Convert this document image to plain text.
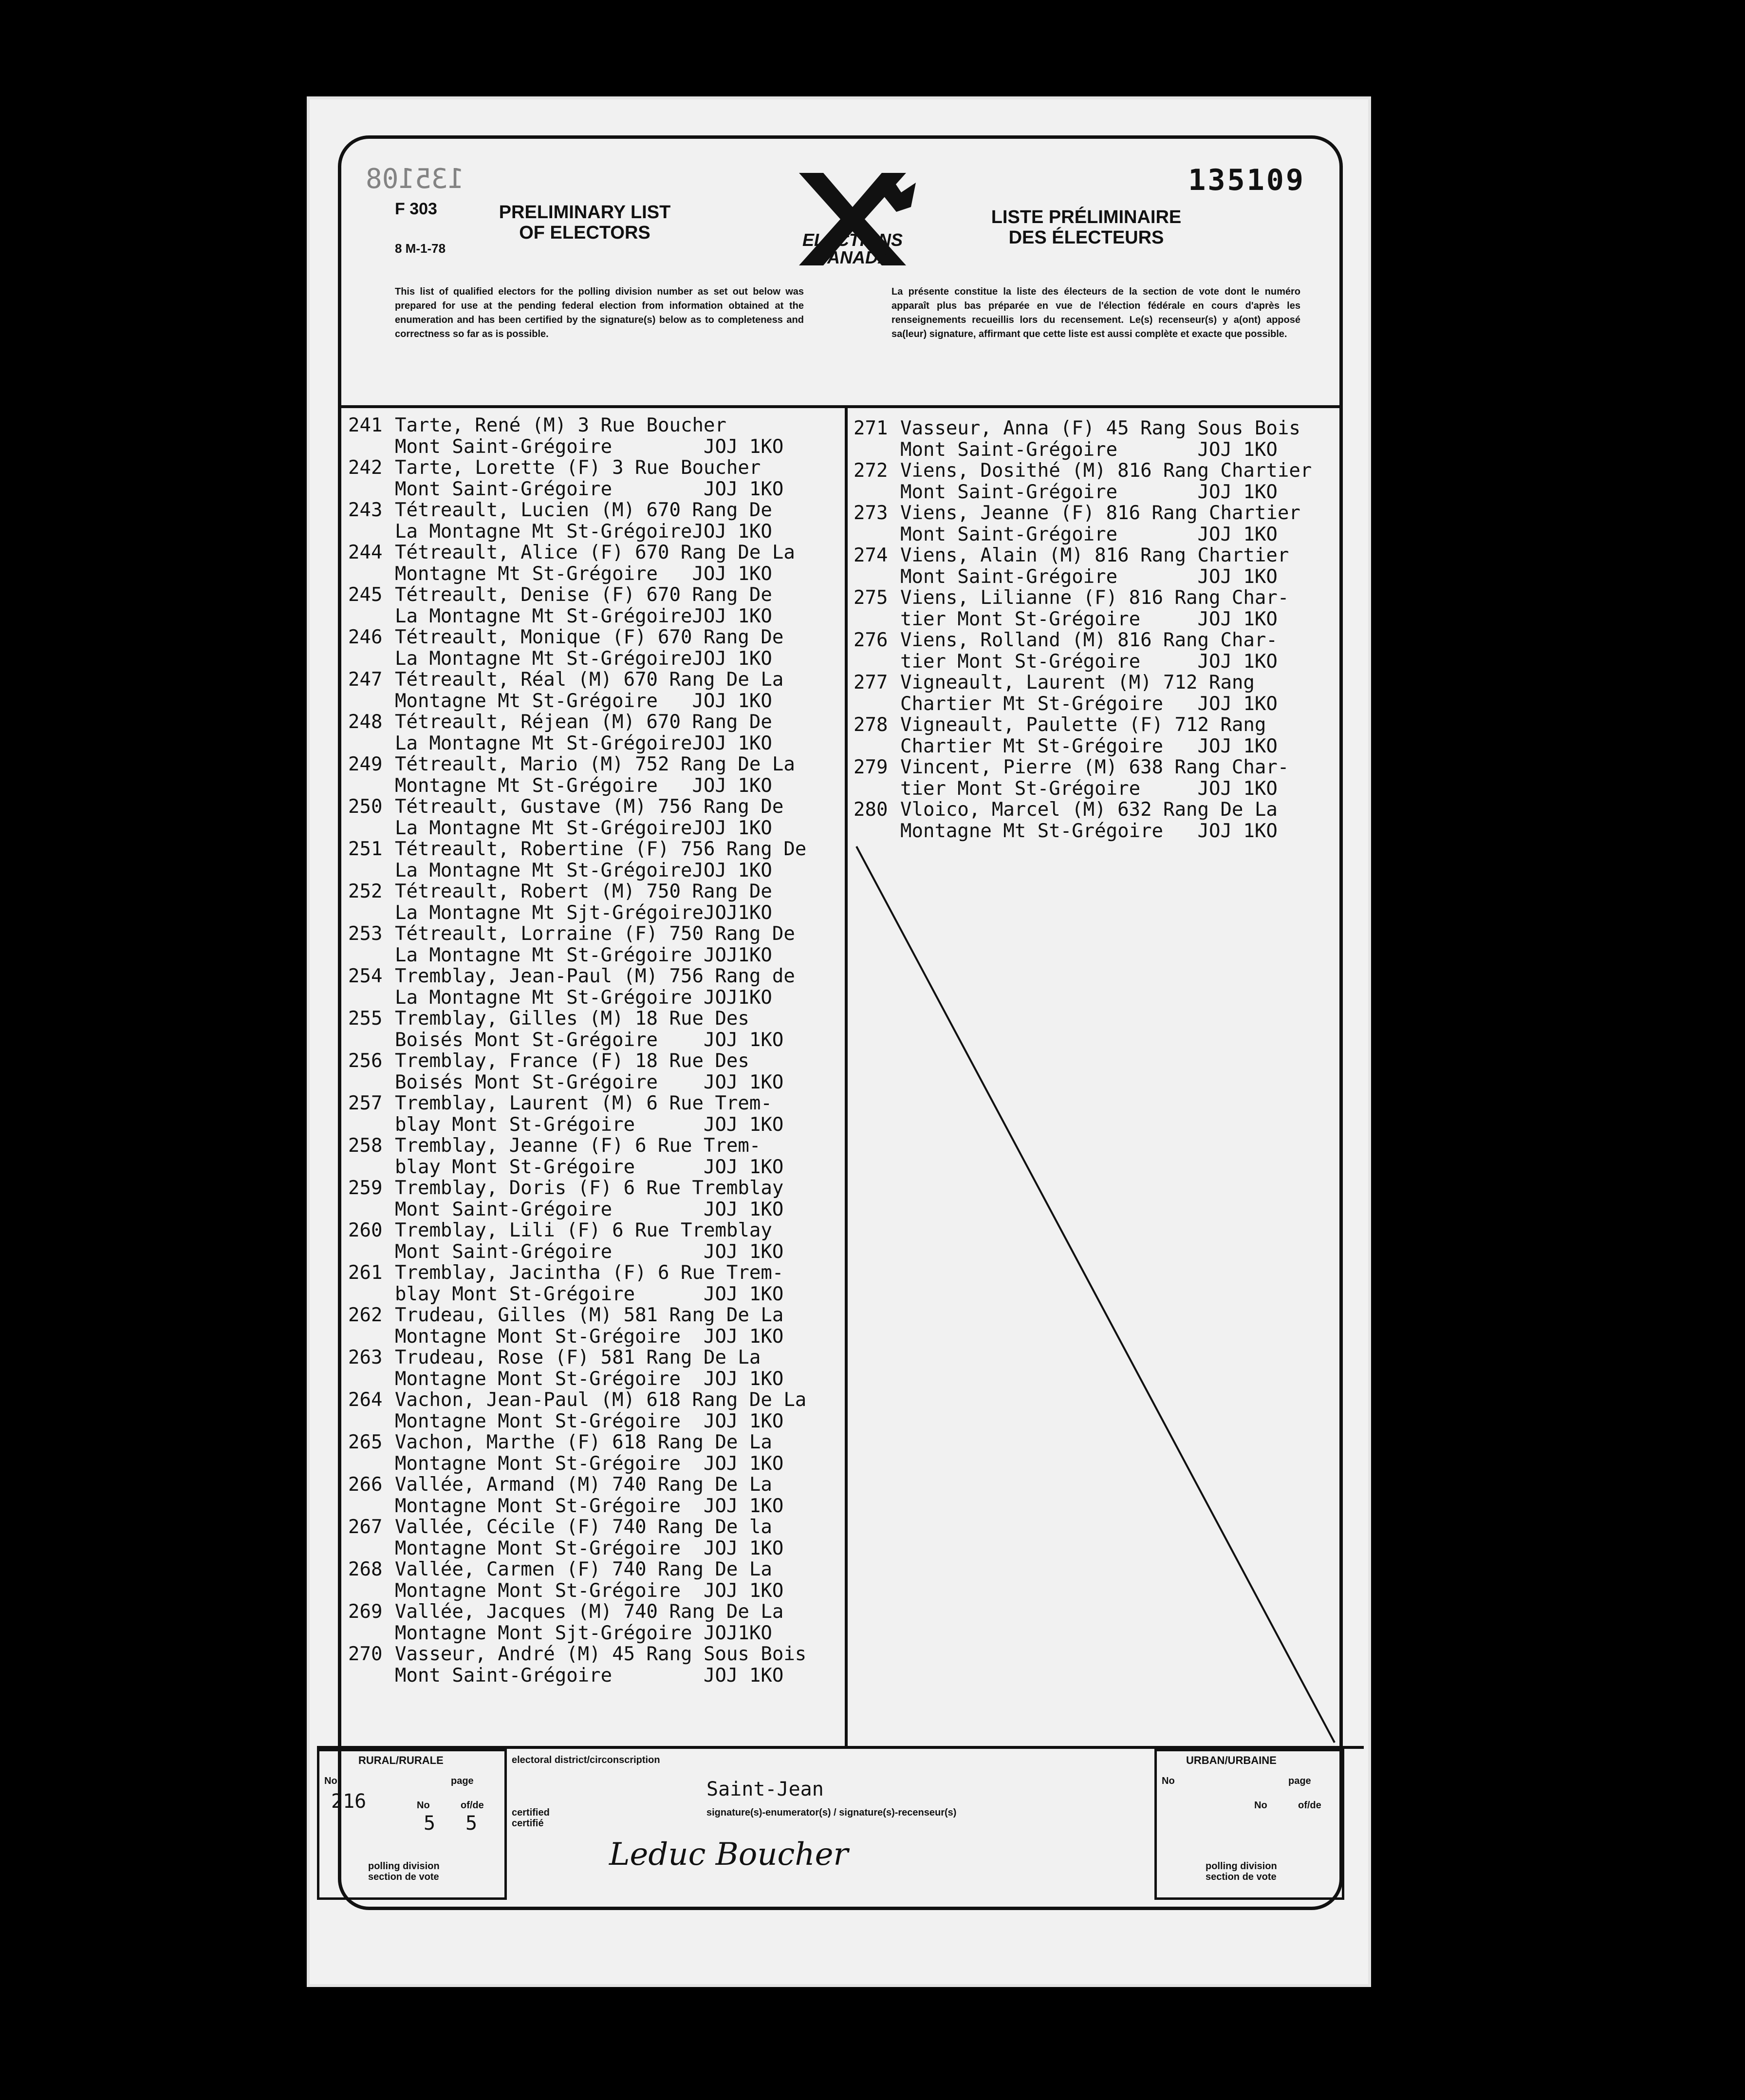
135108	135109
F 303
8 M-1-78
PRELIMINARY LIST OF ELECTORS	ELECTIONS
CANADA
LISTE PRÉLIMINAIRE DES ÉLECTEURS
This list of qualified electors for the polling division number as set out below was prepared for use at the pending federal election from information obtained at the enumeration and has been certified by the signature(s) below as to completeness and correctness so far as is possible.
La présente constitue la liste des électeurs de la section de vote dont le numéro apparaît plus bas préparée en vue de l'élection fédérale en cours d'après les renseignements recueillis lors du recensement. Le(s) recenseur(s) y a(ont) apposé sa(leur) signature, affirmant que cette liste est aussi complète et exacte que possible.
241 Tarte, René (M) 3 Rue Boucher
Mont Saint-Grégoire        JOJ 1KO
242 Tarte, Lorette (F) 3 Rue Boucher
Mont Saint-Grégoire        JOJ 1KO
243 Tétreault, Lucien (M) 670 Rang De
La Montagne Mt St-GrégoireJOJ 1KO
244 Tétreault, Alice (F) 670 Rang De La
Montagne Mt St-Grégoire   JOJ 1KO
245 Tétreault, Denise (F) 670 Rang De
La Montagne Mt St-GrégoireJOJ 1KO
246 Tétreault, Monique (F) 670 Rang De
La Montagne Mt St-GrégoireJOJ 1KO
247 Tétreault, Réal (M) 670 Rang De La
Montagne Mt St-Grégoire   JOJ 1KO
248 Tétreault, Réjean (M) 670 Rang De
La Montagne Mt St-GrégoireJOJ 1KO
249 Tétreault, Mario (M) 752 Rang De La
Montagne Mt St-Grégoire   JOJ 1KO
250 Tétreault, Gustave (M) 756 Rang De
La Montagne Mt St-GrégoireJOJ 1KO
251 Tétreault, Robertine (F) 756 Rang De
La Montagne Mt St-GrégoireJOJ 1KO
252 Tétreault, Robert (M) 750 Rang De
La Montagne Mt Sjt-GrégoireJOJ1KO
253 Tétreault, Lorraine (F) 750 Rang De
La Montagne Mt St-Grégoire JOJ1KO
254 Tremblay, Jean-Paul (M) 756 Rang de
La Montagne Mt St-Grégoire JOJ1KO
255 Tremblay, Gilles (M) 18 Rue Des
Boisés Mont St-Grégoire    JOJ 1KO
256 Tremblay, France (F) 18 Rue Des
Boisés Mont St-Grégoire    JOJ 1KO
257 Tremblay, Laurent (M) 6 Rue Trem-
blay Mont St-Grégoire      JOJ 1KO
258 Tremblay, Jeanne (F) 6 Rue Trem-
blay Mont St-Grégoire      JOJ 1KO
259 Tremblay, Doris (F) 6 Rue Tremblay
Mont Saint-Grégoire        JOJ 1KO
260 Tremblay, Lili (F) 6 Rue Tremblay
Mont Saint-Grégoire        JOJ 1KO
261 Tremblay, Jacintha (F) 6 Rue Trem-
blay Mont St-Grégoire      JOJ 1KO
262 Trudeau, Gilles (M) 581 Rang De La
Montagne Mont St-Grégoire  JOJ 1KO
263 Trudeau, Rose (F) 581 Rang De La
Montagne Mont St-Grégoire  JOJ 1KO
264 Vachon, Jean-Paul (M) 618 Rang De La
Montagne Mont St-Grégoire  JOJ 1KO
265 Vachon, Marthe (F) 618 Rang De La
Montagne Mont St-Grégoire  JOJ 1KO
266 Vallée, Armand (M) 740 Rang De La
Montagne Mont St-Grégoire  JOJ 1KO
267 Vallée, Cécile (F) 740 Rang De la
Montagne Mont St-Grégoire  JOJ 1KO
268 Vallée, Carmen (F) 740 Rang De La
Montagne Mont St-Grégoire  JOJ 1KO
269 Vallée, Jacques (M) 740 Rang De La
Montagne Mont Sjt-Grégoire JOJ1KO
270 Vasseur, André (M) 45 Rang Sous Bois
Mont Saint-Grégoire        JOJ 1KO
271 Vasseur, Anna (F) 45 Rang Sous Bois
Mont Saint-Grégoire       JOJ 1KO
272 Viens, Dosithé (M) 816 Rang Chartier
Mont Saint-Grégoire       JOJ 1KO
273 Viens, Jeanne (F) 816 Rang Chartier
Mont Saint-Grégoire       JOJ 1KO
274 Viens, Alain (M) 816 Rang Chartier
Mont Saint-Grégoire       JOJ 1KO
275 Viens, Lilianne (F) 816 Rang Char-
tier Mont St-Grégoire     JOJ 1KO
276 Viens, Rolland (M) 816 Rang Char-
tier Mont St-Grégoire     JOJ 1KO
277 Vigneault, Laurent (M) 712 Rang
Chartier Mt St-Grégoire   JOJ 1KO
278 Vigneault, Paulette (F) 712 Rang
Chartier Mt St-Grégoire   JOJ 1KO
279 Vincent, Pierre (M) 638 Rang Char-
tier Mont St-Grégoire     JOJ 1KO
280 Vloico, Marcel (M) 632 Rang De La
Montagne Mt St-Grégoire   JOJ 1KO
RURAL/RURALE
No
216
page
No
5
of/de
5
polling division
section de vote
electoral district/circonscription
Saint-Jean
certified
certifié
signature(s)-enumerator(s) / signature(s)-recenseur(s)
Leduc Boucher
URBAN/URBAINE
No	page
No	of/de
polling division
section de vote
